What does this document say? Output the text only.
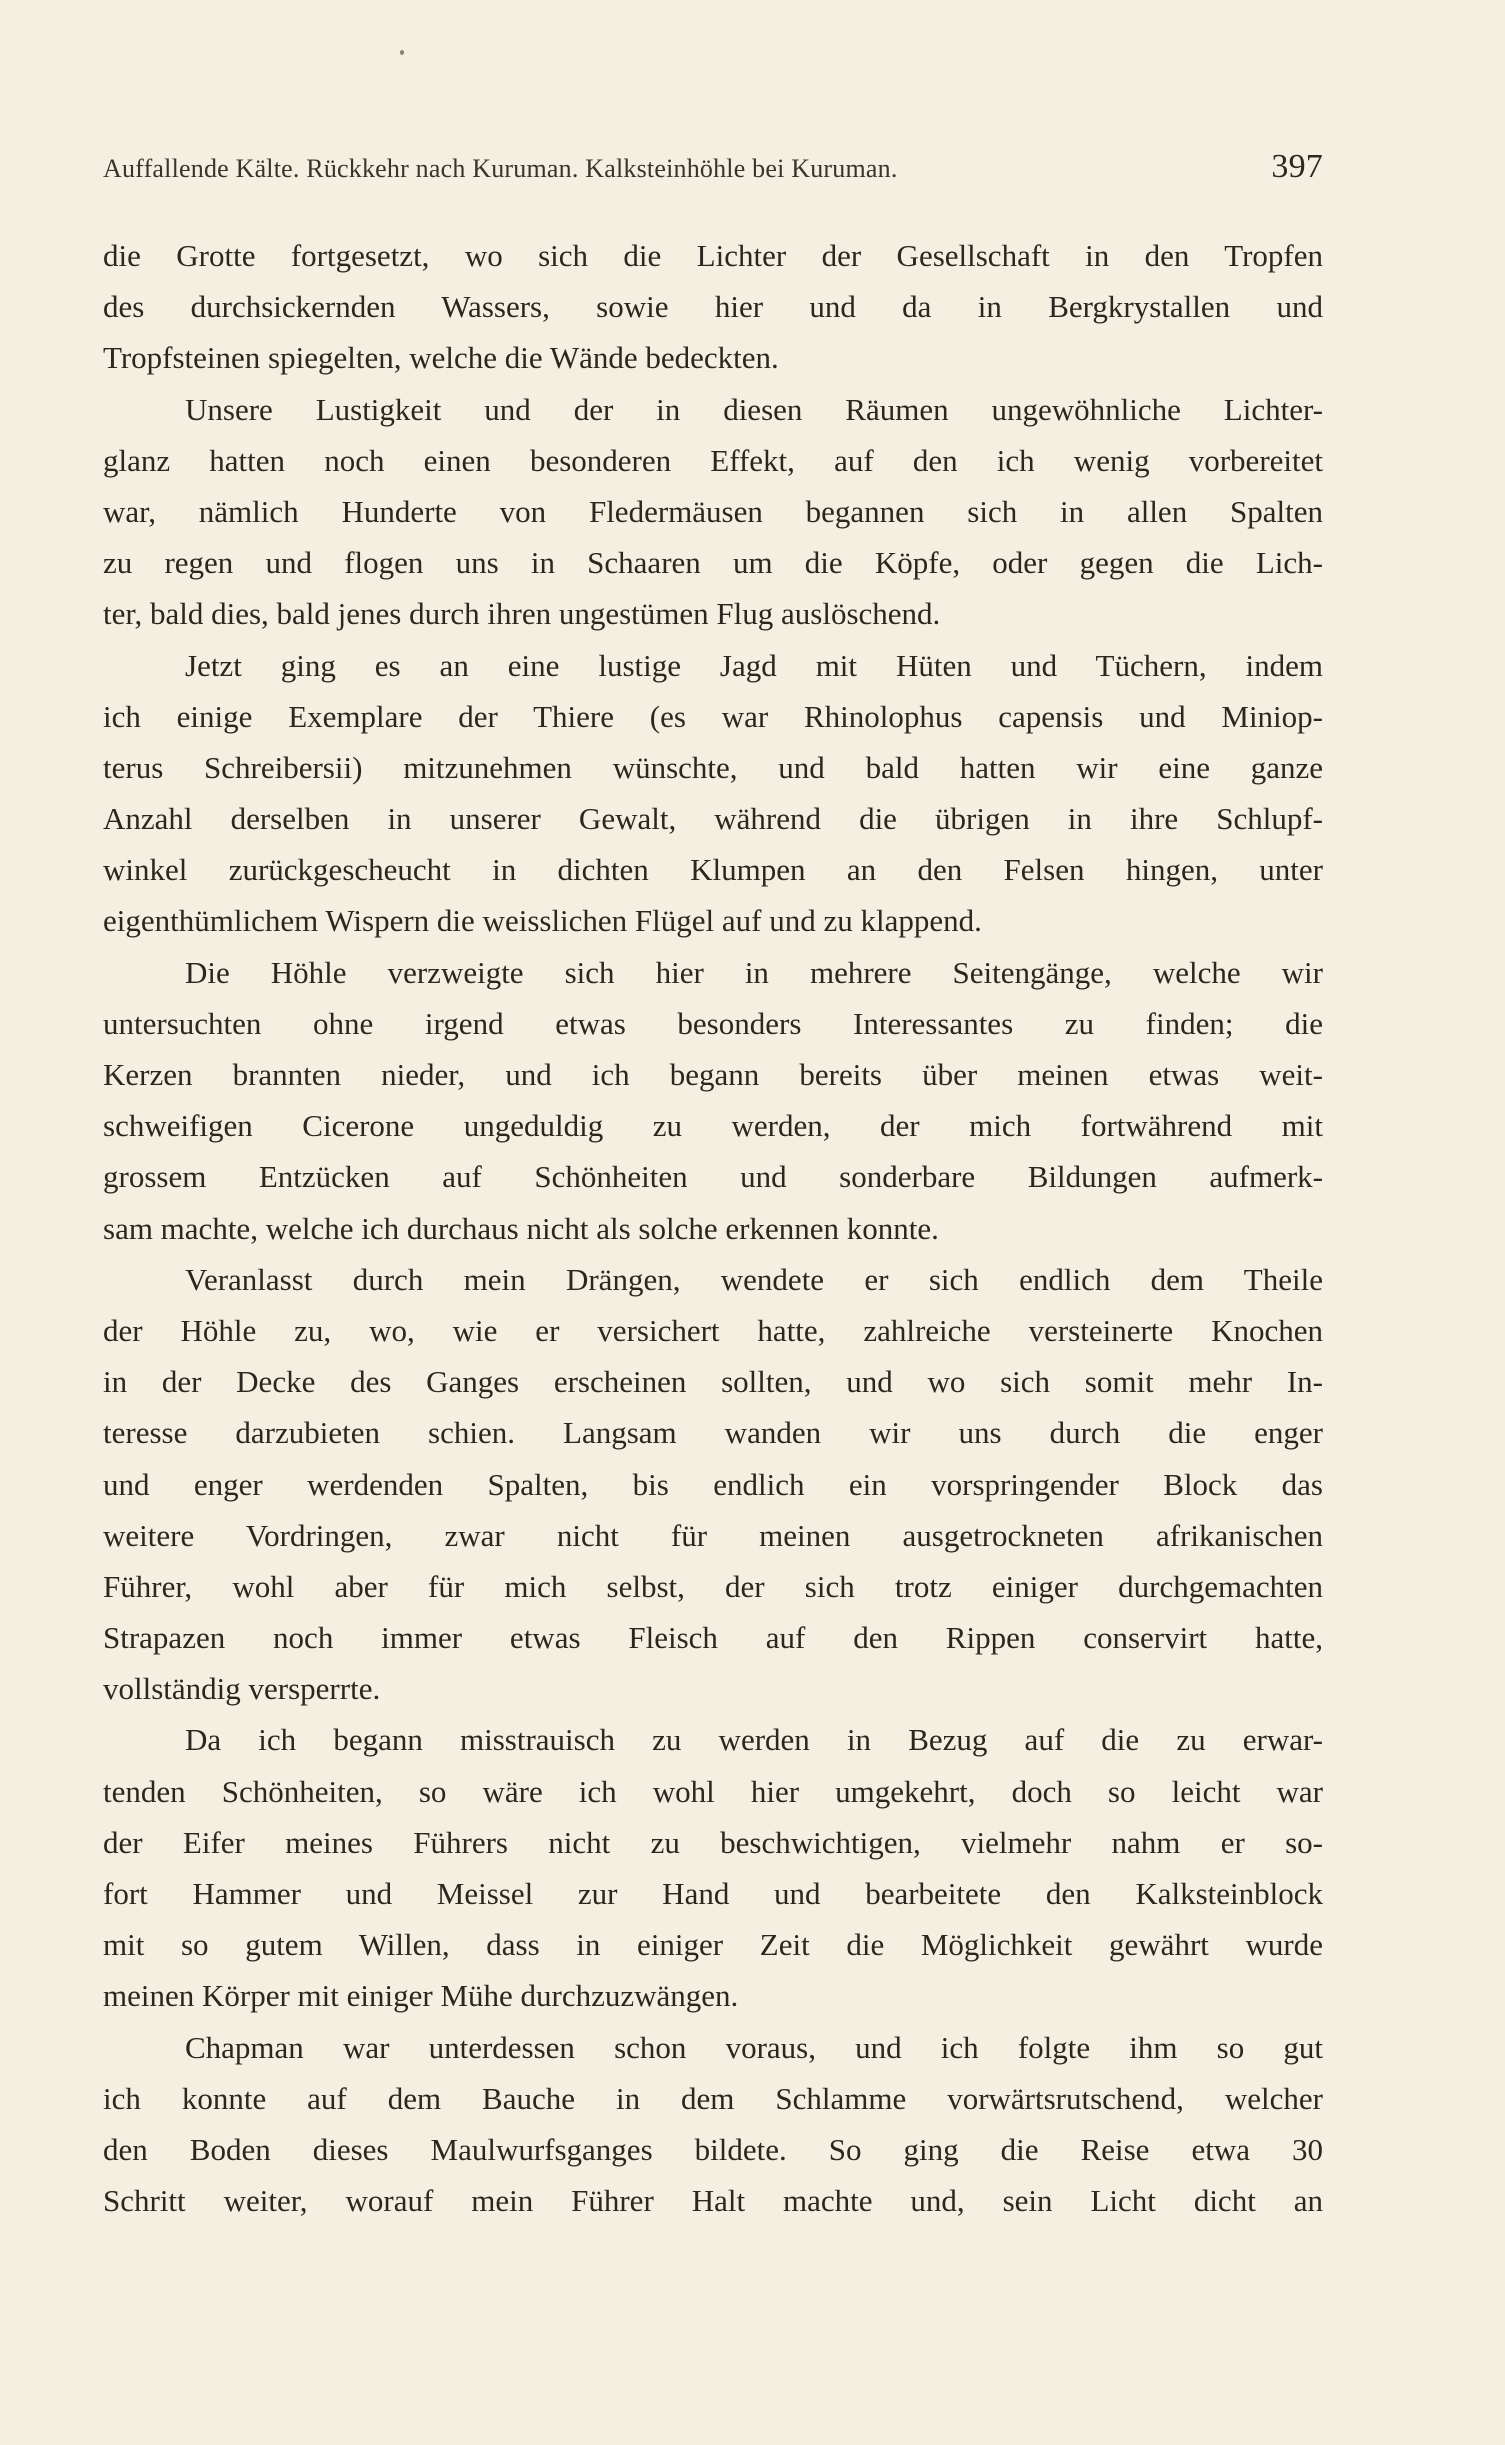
Auffallende Kälte. Rückkehr nach Kuruman. Kalksteinhöhle bei Kuruman.	397
die Grotte fortgesetzt, wo sich die Lichter der Gesellschaft in den Tropfen
des durchsickernden Wassers, sowie hier und da in Bergkrystallen und
Tropfsteinen spiegelten, welche die Wände bedeckten.
Unsere Lustigkeit und der in diesen Räumen ungewöhnliche Lichter-
glanz hatten noch einen besonderen Effekt, auf den ich wenig vorbereitet
war, nämlich Hunderte von Fledermäusen begannen sich in allen Spalten
zu regen und flogen uns in Schaaren um die Köpfe, oder gegen die Lich-
ter, bald dies, bald jenes durch ihren ungestümen Flug auslöschend.
Jetzt ging es an eine lustige Jagd mit Hüten und Tüchern, indem
ich einige Exemplare der Thiere (es war Rhinolophus capensis und Miniop-
terus Schreibersii) mitzunehmen wünschte, und bald hatten wir eine ganze
Anzahl derselben in unserer Gewalt, während die übrigen in ihre Schlupf-
winkel zurückgescheucht in dichten Klumpen an den Felsen hingen, unter
eigenthümlichem Wispern die weisslichen Flügel auf und zu klappend.
Die Höhle verzweigte sich hier in mehrere Seitengänge, welche wir
untersuchten ohne irgend etwas besonders Interessantes zu finden; die
Kerzen brannten nieder, und ich begann bereits über meinen etwas weit-
schweifigen Cicerone ungeduldig zu werden, der mich fortwährend mit
grossem Entzücken auf Schönheiten und sonderbare Bildungen aufmerk-
sam machte, welche ich durchaus nicht als solche erkennen konnte.
Veranlasst durch mein Drängen, wendete er sich endlich dem Theile
der Höhle zu, wo, wie er versichert hatte, zahlreiche versteinerte Knochen
in der Decke des Ganges erscheinen sollten, und wo sich somit mehr In-
teresse darzubieten schien. Langsam wanden wir uns durch die enger
und enger werdenden Spalten, bis endlich ein vorspringender Block das
weitere Vordringen, zwar nicht für meinen ausgetrockneten afrikanischen
Führer, wohl aber für mich selbst, der sich trotz einiger durchgemachten
Strapazen noch immer etwas Fleisch auf den Rippen conservirt hatte,
vollständig versperrte.
Da ich begann misstrauisch zu werden in Bezug auf die zu erwar-
tenden Schönheiten, so wäre ich wohl hier umgekehrt, doch so leicht war
der Eifer meines Führers nicht zu beschwichtigen, vielmehr nahm er so-
fort Hammer und Meissel zur Hand und bearbeitete den Kalksteinblock
mit so gutem Willen, dass in einiger Zeit die Möglichkeit gewährt wurde
meinen Körper mit einiger Mühe durchzuzwängen.
Chapman war unterdessen schon voraus, und ich folgte ihm so gut
ich konnte auf dem Bauche in dem Schlamme vorwärtsrutschend, welcher
den Boden dieses Maulwurfsganges bildete. So ging die Reise etwa 30
Schritt weiter, worauf mein Führer Halt machte und, sein Licht dicht an
